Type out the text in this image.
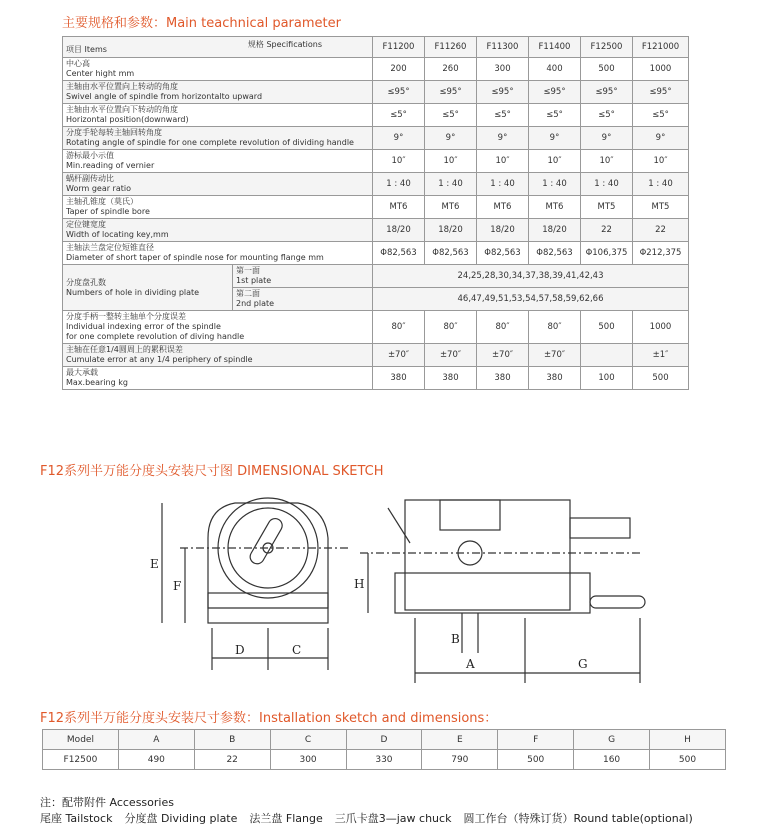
主要规格和参数：Main teachnical parameter
规格 Specifications
项目 Items		F11200	F11260	F11300	F11400	F12500	F121000

中心高
Center hight mm		200	260	300	400	500	1000

主轴由水平位置向上转动的角度
Swivel angle of spindle from horizontalto upward		≤95°	≤95°	≤95°	≤95°	≤95°	≤95°

主轴由水平位置向下转动的角度
Horizontal position(downward)		≤5°	≤5°	≤5°	≤5°	≤5°	≤5°

分度手轮每转主轴回转角度
Rotating angle of spindle for one complete revolution of dividing handle		9°	9°	9°	9°	9°	9°

游标最小示值
Min.reading of vernier		10″	10″	10″	10″	10″	10″

蜗杆副传动比
Worm gear ratio		1 : 40	1 : 40	1 : 40	1 : 40	1 : 40	1 : 40

主轴孔锥度（莫氏）
Taper of spindle bore		MT6	MT6	MT6	MT6	MT5	MT5

定位键宽度
Width of locating key,mm		18/20	18/20	18/20	18/20	22	22

主轴法兰盘定位短锥直径
Diameter of short taper of spindle nose for mounting flange mm		Φ82,563	Φ82,563	Φ82,563	Φ82,563	Φ106,375	Φ212,375

分度盘孔数
Numbers of hole in dividing plate	第一面
1st plate	24,25,28,30,34,37,38,39,41,42,43					

	第二面
2nd plate	46,47,49,51,53,54,57,58,59,62,66					

分度手柄一整转主轴单个分度误差
Individual indexing error of the spindle
for one complete revolution of diving handle		80″	80″	80″	80″	500	1000

主轴在任意1/4圆周上的累积误差
Cumulate error at any 1/4 periphery of spindle		±70″	±70″	±70″	±70″		±1″

最大承载
Max.bearing kg		380	380	380	380	100	500
F12系列半万能分度头安装尺寸图 DIMENSIONAL SKETCH
E
F
D	C
H
B
A	G
F12系列半万能分度头安装尺寸参数：Installation sketch and dimensions：
Model	A	B	C	D	E	F	G	H
F12500	490	22	300	330	790	500	160	500
注：配带附件 Accessories
尾座 Tailstock 分度盘 Dividing plate 法兰盘 Flange 三爪卡盘3—jaw chuck 圆工作台（特殊订货）Round table(optional)
